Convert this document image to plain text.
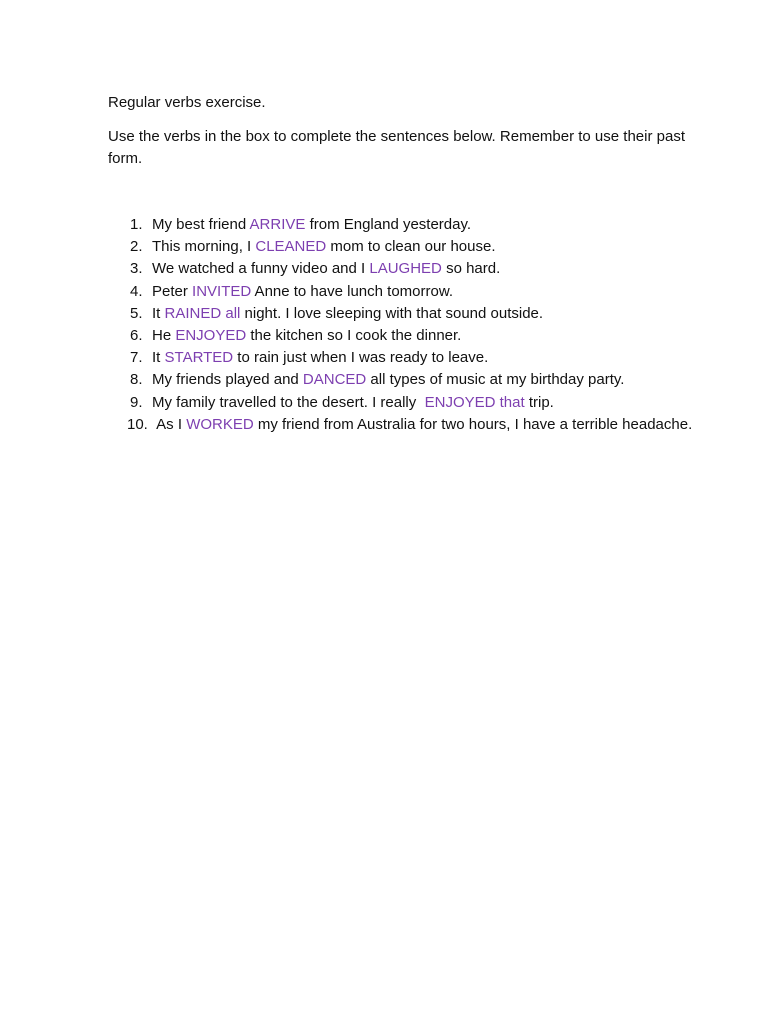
Regular verbs exercise.
Use the verbs in the box to complete the sentences below. Remember to use their past form.
1. My best friend ARRIVE from England yesterday.
2. This morning, I CLEANED mom to clean our house.
3. We watched a funny video and I LAUGHED so hard.
4. Peter INVITED Anne to have lunch tomorrow.
5. It RAINED all night. I love sleeping with that sound outside.
6. He ENJOYED the kitchen so I cook the dinner.
7. It STARTED to rain just when I was ready to leave.
8. My friends played and DANCED all types of music at my birthday party.
9. My family travelled to the desert. I really  ENJOYED that trip.
10. As I WORKED my friend from Australia for two hours, I have a terrible headache.
